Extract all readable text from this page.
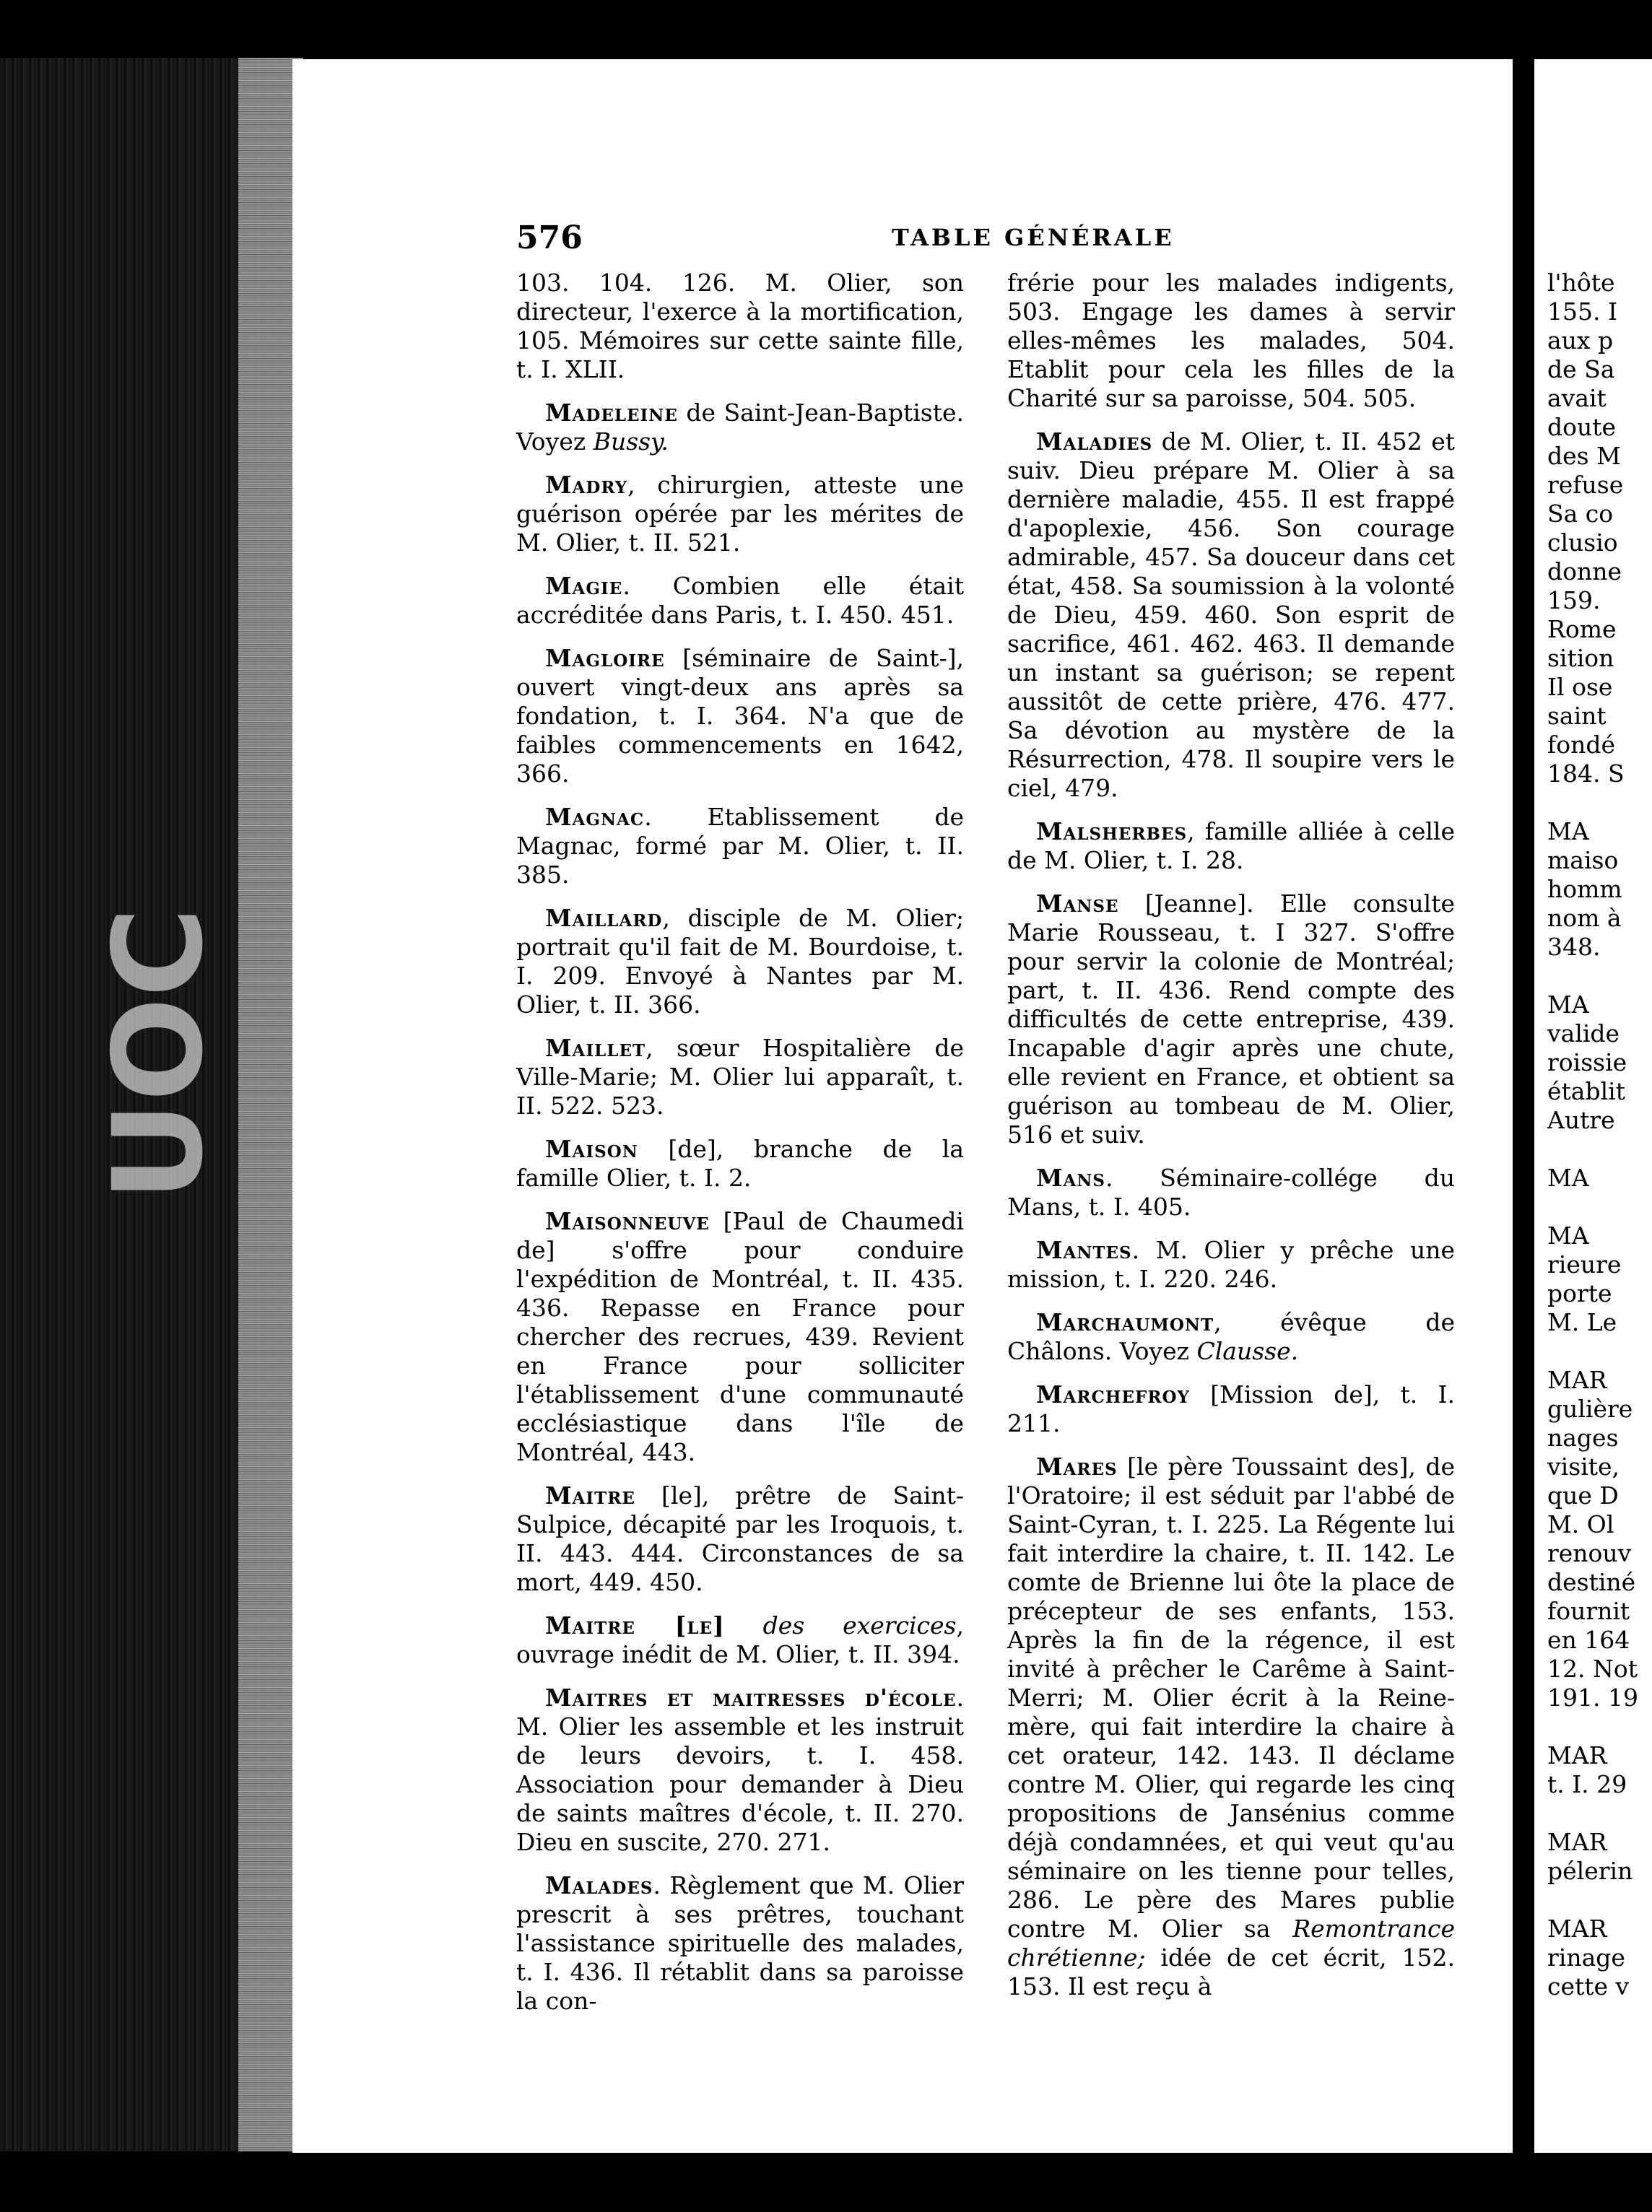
UOC
576	TABLE GÉNÉRALE

103. 104. 126. M. Olier, son directeur, l'exerce à la mortification, 105. Mémoires sur cette sainte fille, t. I. XLII.

Madeleine de Saint-Jean-Baptiste. Voyez Bussy.

Madry, chirurgien, atteste une guérison opérée par les mérites de M. Olier, t. II. 521.

Magie. Combien elle était accréditée dans Paris, t. I. 450. 451.

Magloire [séminaire de Saint-], ouvert vingt-deux ans après sa fondation, t. I. 364. N'a que de faibles commencements en 1642, 366.

Magnac. Etablissement de Magnac, formé par M. Olier, t. II. 385.

Maillard, disciple de M. Olier; portrait qu'il fait de M. Bourdoise, t. I. 209. Envoyé à Nantes par M. Olier, t. II. 366.

Maillet, sœur Hospitalière de Ville-Marie; M. Olier lui apparaît, t. II. 522. 523.

Maison [de], branche de la famille Olier, t. I. 2.

Maisonneuve [Paul de Chaumedi de] s'offre pour conduire l'expédition de Montréal, t. II. 435. 436. Repasse en France pour chercher des recrues, 439. Revient en France pour solliciter l'établissement d'une communauté ecclésiastique dans l'île de Montréal, 443.

Maitre [le], prêtre de Saint-Sulpice, décapité par les Iroquois, t. II. 443. 444. Circonstances de sa mort, 449. 450.

Maitre [le] des exercices, ouvrage inédit de M. Olier, t. II. 394.

Maitres et maitresses d'école. M. Olier les assemble et les instruit de leurs devoirs, t. I. 458. Association pour demander à Dieu de saints maîtres d'école, t. II. 270. Dieu en suscite, 270. 271.

Malades. Règlement que M. Olier prescrit à ses prêtres, touchant l'assistance spirituelle des malades, t. I. 436. Il rétablit dans sa paroisse la con-

frérie pour les malades indigents, 503. Engage les dames à servir elles-mêmes les malades, 504. Etablit pour cela les filles de la Charité sur sa paroisse, 504. 505.

Maladies de M. Olier, t. II. 452 et suiv. Dieu prépare M. Olier à sa dernière maladie, 455. Il est frappé d'apoplexie, 456. Son courage admirable, 457. Sa douceur dans cet état, 458. Sa soumission à la volonté de Dieu, 459. 460. Son esprit de sacrifice, 461. 462. 463. Il demande un instant sa guérison; se repent aussitôt de cette prière, 476. 477. Sa dévotion au mystère de la Résurrection, 478. Il soupire vers le ciel, 479.

Malsherbes, famille alliée à celle de M. Olier, t. I. 28.

Manse [Jeanne]. Elle consulte Marie Rousseau, t. I 327. S'offre pour servir la colonie de Montréal; part, t. II. 436. Rend compte des difficultés de cette entreprise, 439. Incapable d'agir après une chute, elle revient en France, et obtient sa guérison au tombeau de M. Olier, 516 et suiv.

Mans. Séminaire-collége du Mans, t. I. 405.

Mantes. M. Olier y prêche une mission, t. I. 220. 246.

Marchaumont, évêque de Châlons. Voyez Clausse.

Marchefroy [Mission de], t. I. 211.

Mares [le père Toussaint des], de l'Oratoire; il est séduit par l'abbé de Saint-Cyran, t. I. 225. La Régente lui fait interdire la chaire, t. II. 142. Le comte de Brienne lui ôte la place de précepteur de ses enfants, 153. Après la fin de la régence, il est invité à prêcher le Carême à Saint-Merri; M. Olier écrit à la Reine-mère, qui fait interdire la chaire à cet orateur, 142. 143. Il déclame contre M. Olier, qui regarde les cinq propositions de Jansénius comme déjà condamnées, et qui veut qu'au séminaire on les tienne pour telles, 286. Le père des Mares publie contre M. Olier sa Remontrance chrétienne; idée de cet écrit, 152. 153. Il est reçu à

l'hôte
155. I
aux p
de Sa
avait
doute
des M
refuse
Sa co
clusio
donne
159.
Rome
sition
Il ose
saint
fondé
184. S
MA
maiso
homm
nom à
348.
MA
valide
roissie
établit
Autre
MA
MA
rieure
porte
M. Le
MAR
gulière
nages
visite,
que D
M. Ol
renouv
destiné
fournit
en 164
12. Not
191. 19
MAR
t. I. 29
MAR
pélerin
MAR
rinage
cette v
